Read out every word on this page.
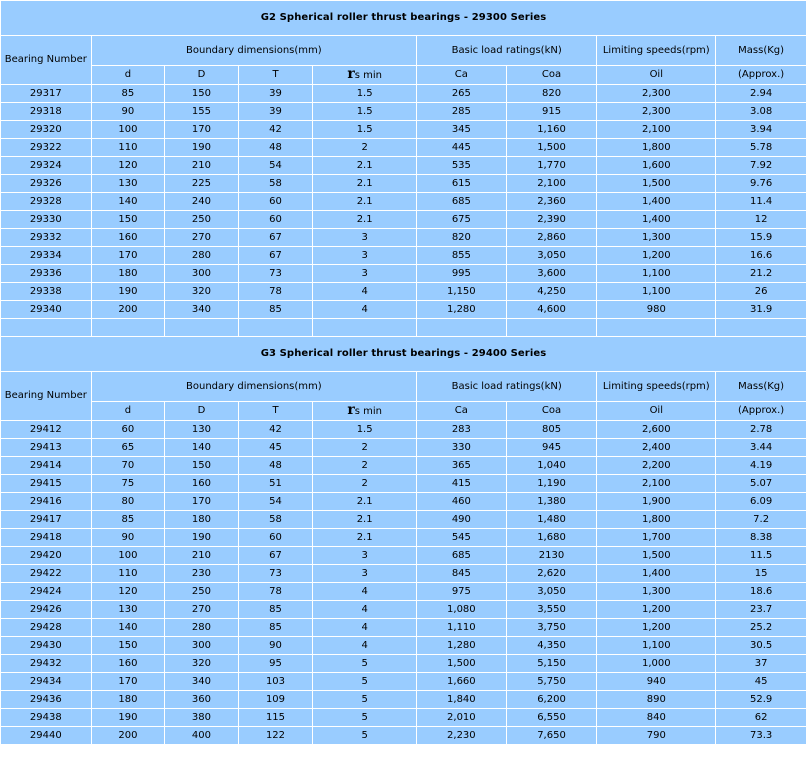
G2 Spherical roller thrust bearings - 29300 Series								
Bearing Number	Boundary dimensions(mm)				Basic load ratings(kN)		Limiting speeds(rpm)	Mass(Kg)
	d	D	T	rs min	Ca	Coa	Oil	(Approx.)
29317	85	150	39	1.5	265	820	2,300	2.94
29318	90	155	39	1.5	285	915	2,300	3.08
29320	100	170	42	1.5	345	1,160	2,100	3.94
29322	110	190	48	2	445	1,500	1,800	5.78
29324	120	210	54	2.1	535	1,770	1,600	7.92
29326	130	225	58	2.1	615	2,100	1,500	9.76
29328	140	240	60	2.1	685	2,360	1,400	11.4
29330	150	250	60	2.1	675	2,390	1,400	12
29332	160	270	67	3	820	2,860	1,300	15.9
29334	170	280	67	3	855	3,050	1,200	16.6
29336	180	300	73	3	995	3,600	1,100	21.2
29338	190	320	78	4	1,150	4,250	1,100	26
29340	200	340	85	4	1,280	4,600	980	31.9

G3 Spherical roller thrust bearings - 29400 Series								
Bearing Number	Boundary dimensions(mm)				Basic load ratings(kN)		Limiting speeds(rpm)	Mass(Kg)
	d	D	T	rs min	Ca	Coa	Oil	(Approx.)
29412	60	130	42	1.5	283	805	2,600	2.78
29413	65	140	45	2	330	945	2,400	3.44
29414	70	150	48	2	365	1,040	2,200	4.19
29415	75	160	51	2	415	1,190	2,100	5.07
29416	80	170	54	2.1	460	1,380	1,900	6.09
29417	85	180	58	2.1	490	1,480	1,800	7.2
29418	90	190	60	2.1	545	1,680	1,700	8.38
29420	100	210	67	3	685	2130	1,500	11.5
29422	110	230	73	3	845	2,620	1,400	15
29424	120	250	78	4	975	3,050	1,300	18.6
29426	130	270	85	4	1,080	3,550	1,200	23.7
29428	140	280	85	4	1,110	3,750	1,200	25.2
29430	150	300	90	4	1,280	4,350	1,100	30.5
29432	160	320	95	5	1,500	5,150	1,000	37
29434	170	340	103	5	1,660	5,750	940	45
29436	180	360	109	5	1,840	6,200	890	52.9
29438	190	380	115	5	2,010	6,550	840	62
29440	200	400	122	5	2,230	7,650	790	73.3
